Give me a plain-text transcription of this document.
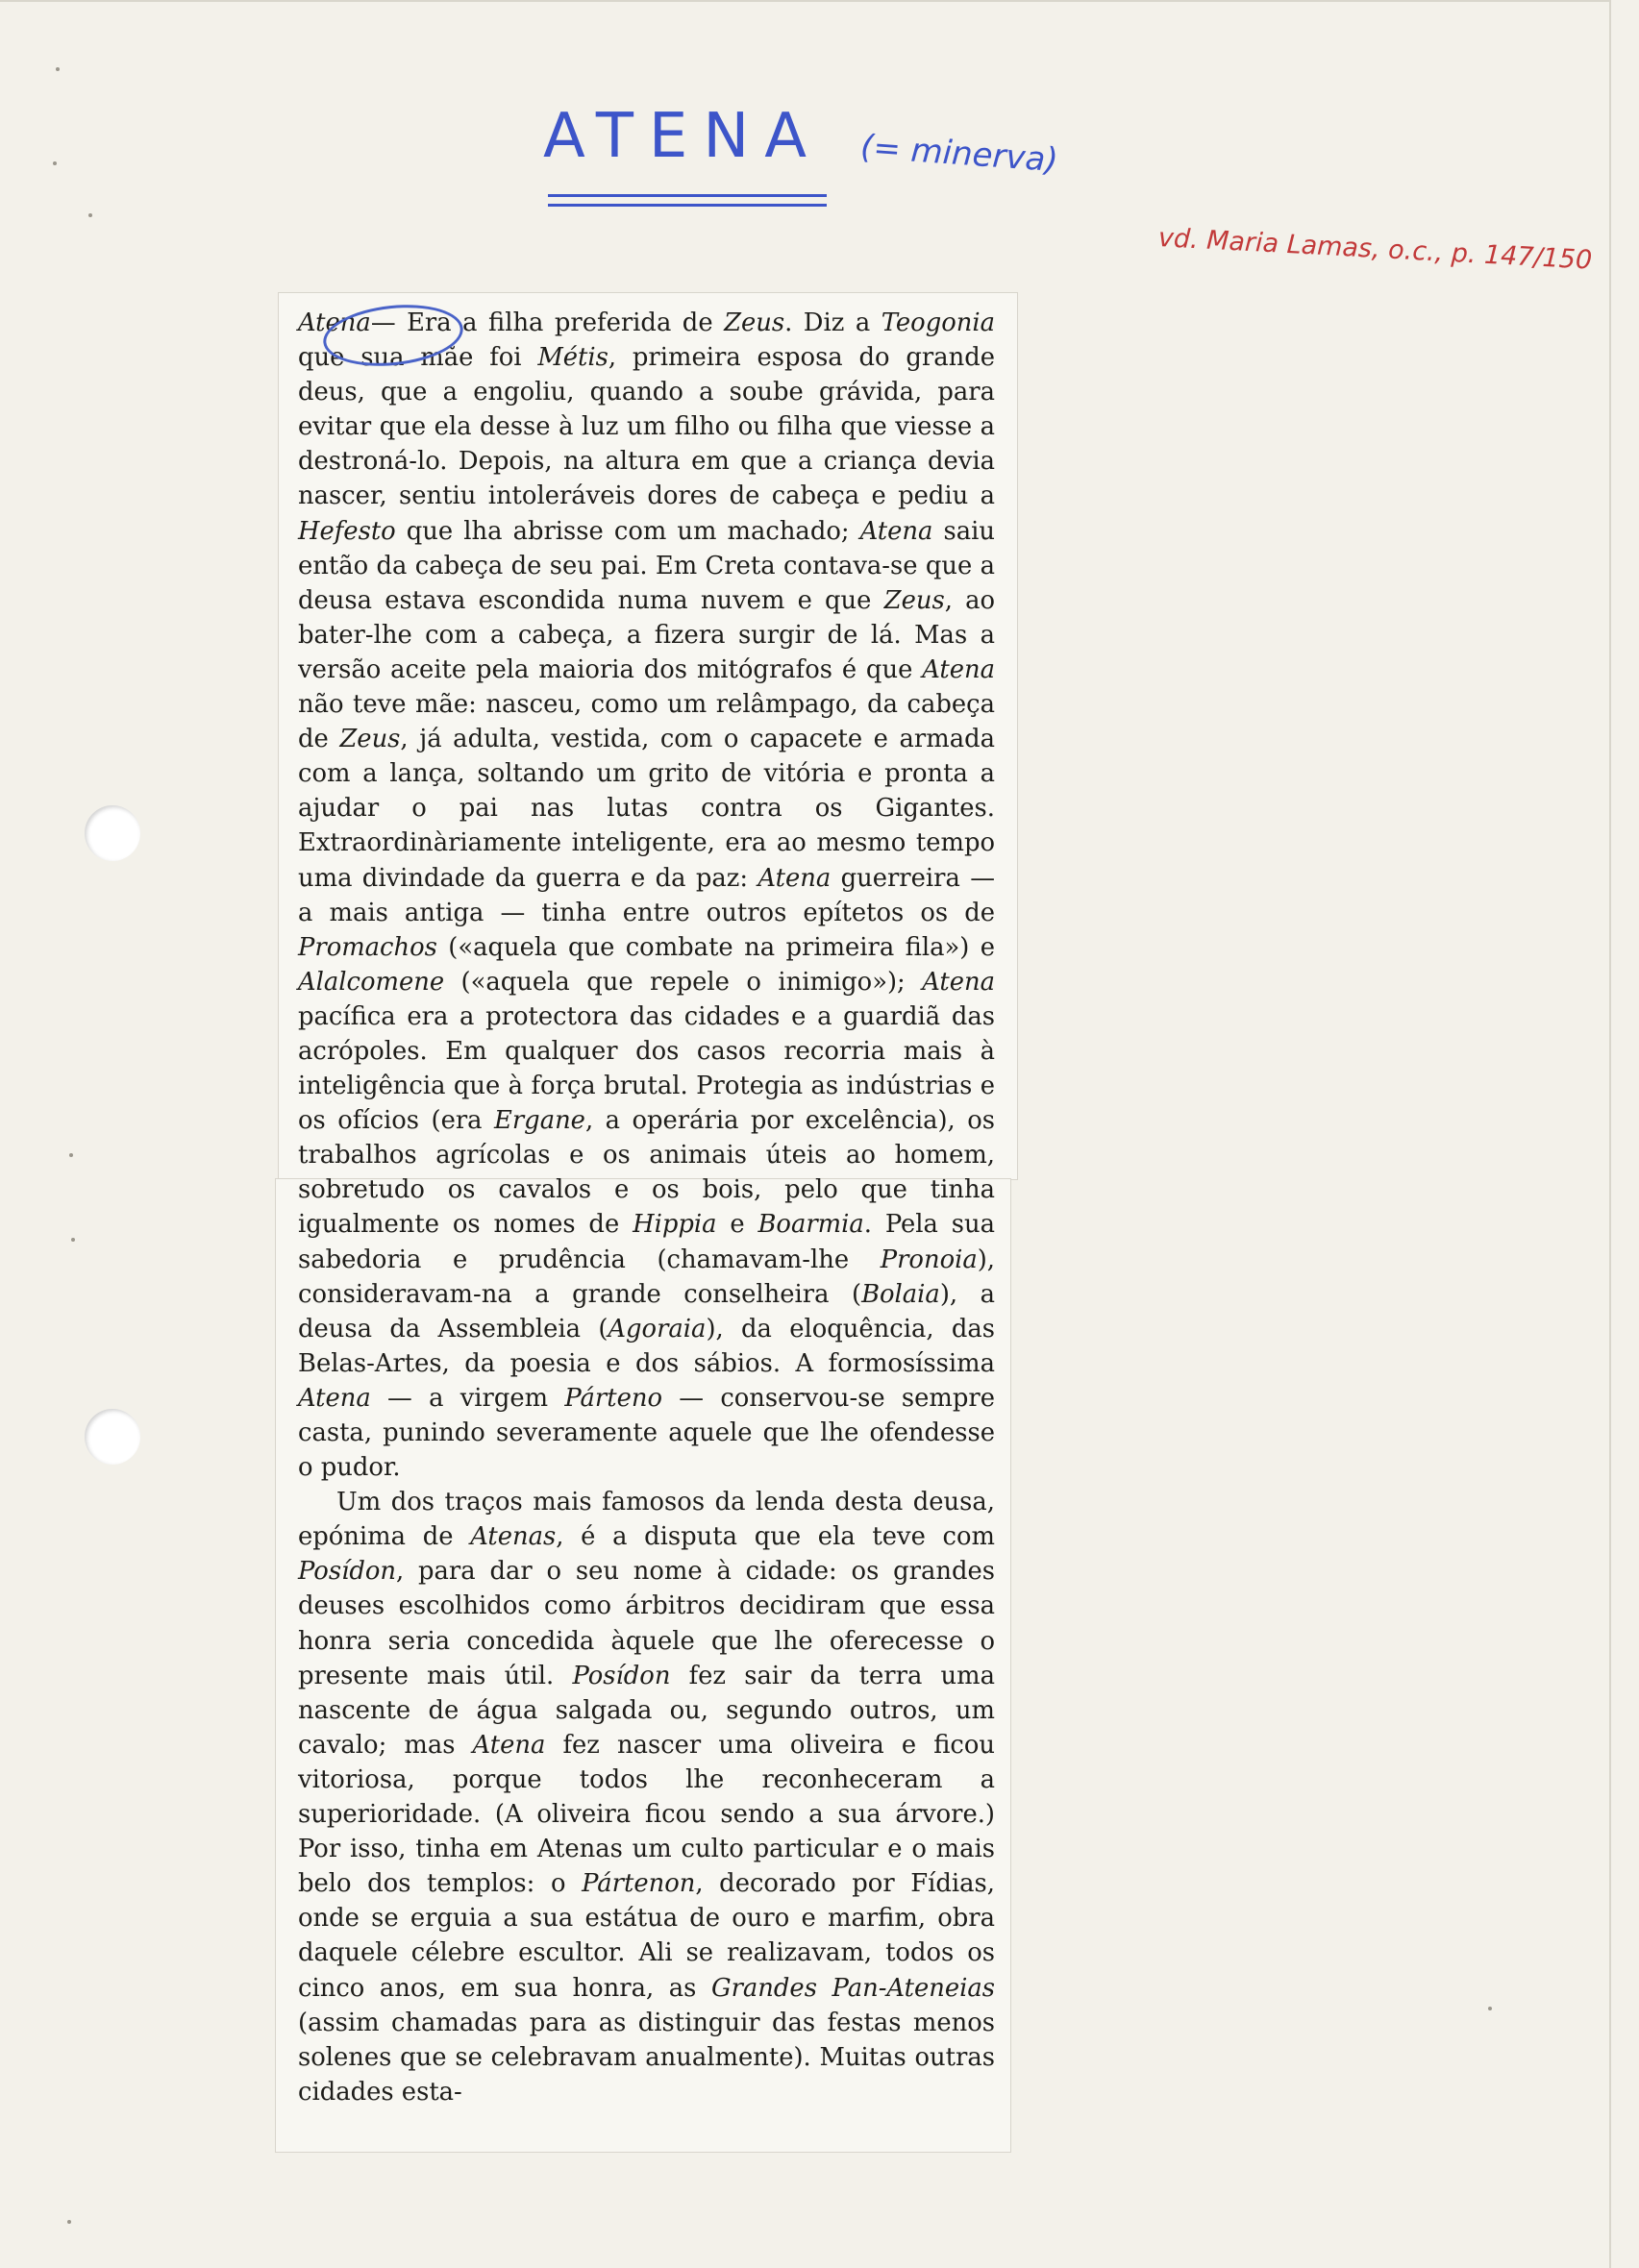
ATENA (= minerva)
vd. Maria Lamas, o.c., p. 147/150

Atena— Era a filha preferida de Zeus. Diz a Teogonia que sua mãe foi Métis, primeira esposa do grande deus, que a engoliu, quando a soube grávida, para evitar que ela desse à luz um filho ou filha que viesse a destroná-lo. Depois, na altura em que a criança devia nascer, sentiu intoleráveis dores de cabeça e pediu a Hefesto que lha abrisse com um machado; Atena saiu então da cabeça de seu pai. Em Creta contava-se que a deusa estava escondida numa nuvem e que Zeus, ao bater-lhe com a cabeça, a fizera surgir de lá. Mas a versão aceite pela maioria dos mitógrafos é que Atena não teve mãe: nasceu, como um relâmpago, da cabeça de Zeus, já adulta, vestida, com o capacete e armada com a lança, soltando um grito de vitória e pronta a ajudar o pai nas lutas contra os Gigantes. Extraordinàriamente inteligente, era ao mesmo tempo uma divindade da guerra e da paz: Atena guerreira — a mais antiga — tinha entre outros epítetos os de Promachos («aquela que combate na primeira fila») e Alalcomene («aquela que repele o inimigo»); Atena pacífica era a protectora das cidades e a guardiã das acrópoles. Em qualquer dos casos recorria mais à inteligência que à força brutal. Protegia as indústrias e os ofícios (era Ergane, a operária por excelência), os trabalhos agrícolas e os animais úteis ao homem, sobretudo os cavalos e os bois, pelo que tinha igualmente os nomes de Hippia e Boarmia. Pela sua sabedoria e prudência (chamavam-lhe Pronoia), consideravam-na a grande conselheira (Bolaia), a deusa da Assembleia (Agoraia), da eloquência, das Belas-Artes, da poesia e dos sábios. A formosíssima Atena — a virgem Párteno — conservou-se sempre casta, punindo severamente aquele que lhe ofendesse o pudor.

Um dos traços mais famosos da lenda desta deusa, epónima de Atenas, é a disputa que ela teve com Posídon, para dar o seu nome à cidade: os grandes deuses escolhidos como árbitros decidiram que essa honra seria concedida àquele que lhe oferecesse o presente mais útil. Posídon fez sair da terra uma nascente de água salgada ou, segundo outros, um cavalo; mas Atena fez nascer uma oliveira e ficou vitoriosa, porque todos lhe reconheceram a superioridade. (A oliveira ficou sendo a sua árvore.) Por isso, tinha em Atenas um culto particular e o mais belo dos templos: o Pártenon, decorado por Fídias, onde se erguia a sua estátua de ouro e marfim, obra daquele célebre escultor. Ali se realizavam, todos os cinco anos, em sua honra, as Grandes Pan-Ateneias (assim chamadas para as distinguir das festas menos solenes que se celebravam anualmente). Muitas outras cidades esta-
